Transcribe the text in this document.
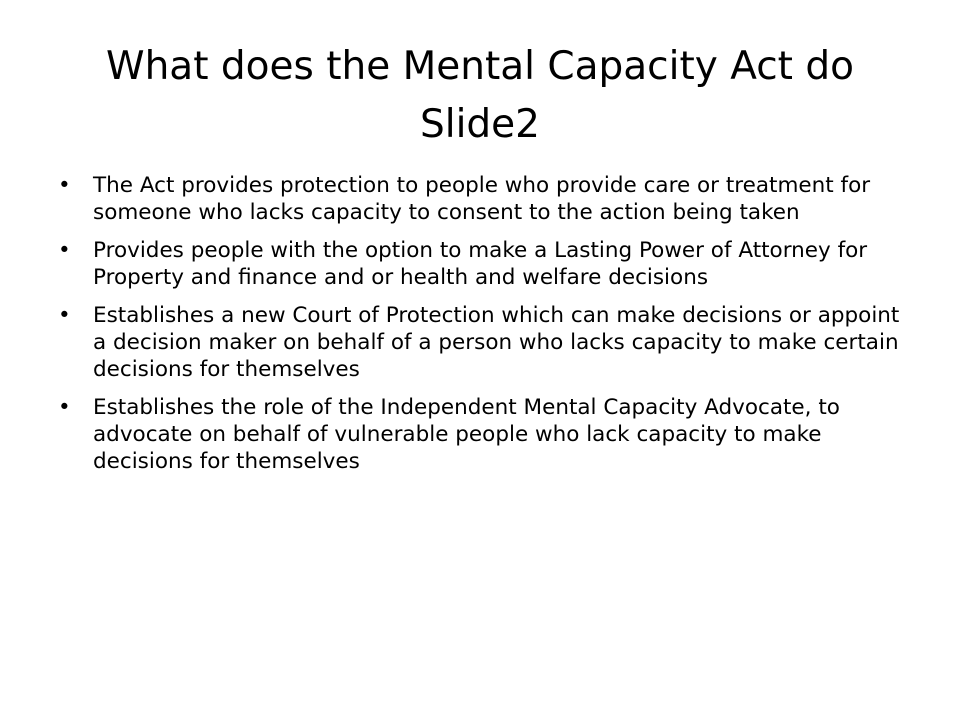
What does the Mental Capacity Act do
Slide2
•	The Act provides protection to people who provide care or treatment for someone who lacks capacity to consent to the action being taken
•	Provides people with the option to make a Lasting Power of Attorney for Property and finance and or health and welfare decisions
•	Establishes a new Court of Protection which can make decisions or appoint a decision maker on behalf of a person who lacks capacity to make certain decisions for themselves
•	Establishes the role of the Independent Mental Capacity Advocate, to advocate on behalf of vulnerable people who lack capacity to make decisions for themselves
